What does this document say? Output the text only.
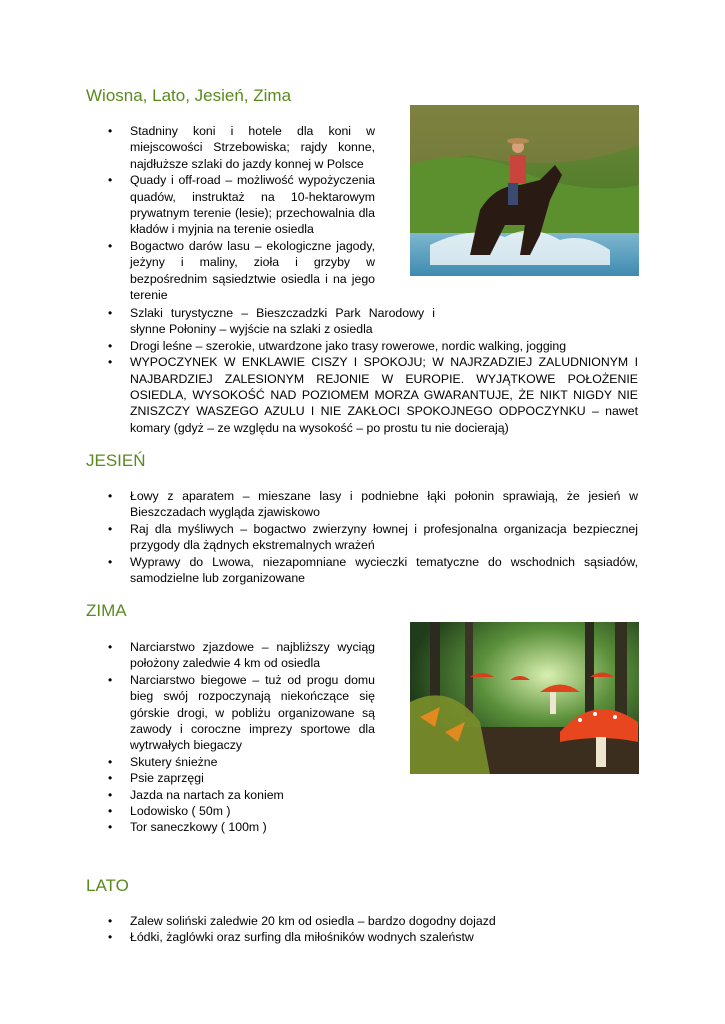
Wiosna, Lato, Jesień, Zima
• Stadniny koni i hotele dla koni w miejscowości Strzebowiska; rajdy konne, najdłuższe szlaki do jazdy konnej w Polsce
• Quady i off-road – możliwość wypożyczenia quadów, instruktaż na 10-hektarowym prywatnym terenie (lesie); przechowalnia dla kładów i myjnia na terenie osiedla
• Bogactwo darów lasu – ekologiczne jagody, jeżyny i maliny, zioła i grzyby w bezpośrednim sąsiedztwie osiedla i na jego terenie
• Szlaki turystyczne – Bieszczadzki Park Narodowy i słynne Połoniny – wyjście na szlaki z osiedla
• Drogi leśne – szerokie, utwardzone jako trasy rowerowe, nordic walking, jogging
• WYPOCZYNEK W ENKLAWIE CISZY I SPOKOJU; W NAJRZADZIEJ ZALUDNIONYM I NAJBARDZIEJ ZALESIONYM REJONIE W EUROPIE. WYJĄTKOWE POŁOŻENIE OSIEDLA, WYSOKOŚĆ NAD POZIOMEM MORZA GWARANTUJE, ŻE NIKT NIGDY NIE ZNISZCZY WASZEGO AZULU I NIE ZAKŁOCI SPOKOJNEGO ODPOCZYNKU – nawet komary (gdyż – ze względu na wysokość – po prostu tu nie docierają)
JESIEŃ
• Łowy z aparatem – mieszane lasy i podniebne łąki połonin sprawiają, że jesień w Bieszczadach wygląda zjawiskowo
• Raj dla myśliwych – bogactwo zwierzyny łownej i profesjonalna organizacja bezpiecznej przygody dla żądnych ekstremalnych wrażeń
• Wyprawy do Lwowa, niezapomniane wycieczki tematyczne do wschodnich sąsiadów, samodzielne lub zorganizowane
ZIMA
• Narciarstwo zjazdowe – najbliższy wyciąg położony zaledwie 4 km od osiedla
• Narciarstwo biegowe – tuż od progu domu bieg swój rozpoczynają niekończące się górskie drogi, w pobliżu organizowane są zawody i coroczne imprezy sportowe dla wytrwałych biegaczy
• Skutery śnieżne
• Psie zaprzęgi
• Jazda na nartach za koniem
• Lodowisko ( 50m )
• Tor saneczkowy ( 100m )
LATO
• Zalew soliński zaledwie 20 km od osiedla – bardzo dogodny dojazd
• Łódki, żaglówki oraz surfing dla miłośników wodnych szaleństw
